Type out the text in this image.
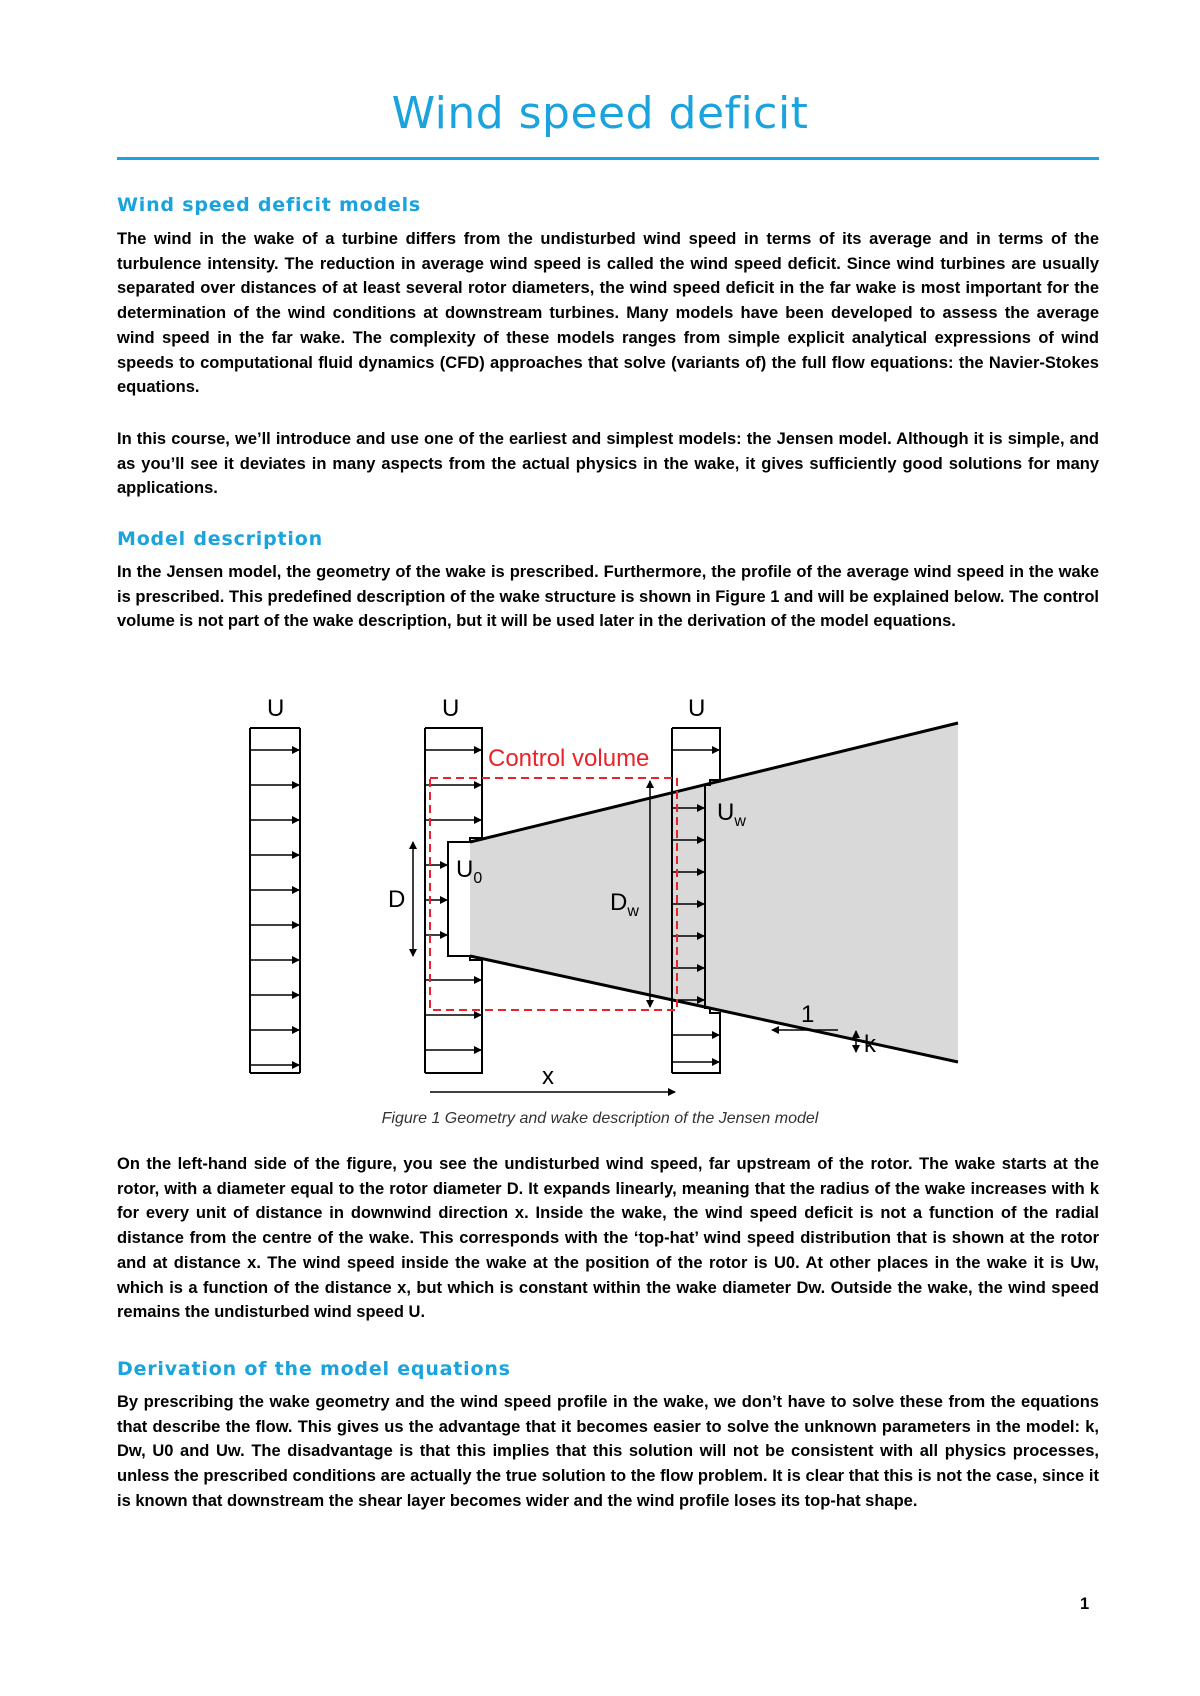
Wind speed deficit
Wind speed deficit models

The wind in the wake of a turbine differs from the undisturbed wind speed in terms of its average and in terms of the turbulence intensity. The reduction in average wind speed is called the wind speed deficit. Since wind turbines are usually separated over distances of at least several rotor diameters, the wind speed deficit in the far wake is most important for the determination of the wind conditions at downstream turbines. Many models have been developed to assess the average wind speed in the far wake. The complexity of these models ranges from simple explicit analytical expressions of wind speeds to computational fluid dynamics (CFD) approaches that solve (variants of) the full flow equations: the Navier-Stokes equations.

In this course, we’ll introduce and use one of the earliest and simplest models: the Jensen model. Although it is simple, and as you’ll see it deviates in many aspects from the actual physics in the wake, it gives sufficiently good solutions for many applications.

Model description

In the Jensen model, the geometry of the wake is prescribed. Furthermore, the profile of the average wind speed in the wake is prescribed. This predefined description of the wake structure is shown in Figure 1 and will be explained below. The control volume is not part of the wake description, but it will be used later in the derivation of the model equations.

U	U
$U_0$
D
U
$U_w$
$D_w$
Control volume
1
k
x
Figure 1 Geometry and wake description of the Jensen model

On the left-hand side of the figure, you see the undisturbed wind speed, far upstream of the rotor. The wake starts at the rotor, with a diameter equal to the rotor diameter D. It expands linearly, meaning that the radius of the wake increases with k for every unit of distance in downwind direction x. Inside the wake, the wind speed deficit is not a function of the radial distance from the centre of the wake. This corresponds with the ‘top-hat’ wind speed distribution that is shown at the rotor and at distance x. The wind speed inside the wake at the position of the rotor is U0. At other places in the wake it is Uw, which is a function of the distance x, but which is constant within the wake diameter Dw. Outside the wake, the wind speed remains the undisturbed wind speed U.

Derivation of the model equations

By prescribing the wake geometry and the wind speed profile in the wake, we don’t have to solve these from the equations that describe the flow. This gives us the advantage that it becomes easier to solve the unknown parameters in the model: k, Dw, U0 and Uw. The disadvantage is that this implies that this solution will not be consistent with all physics processes, unless the prescribed conditions are actually the true solution to the flow problem. It is clear that this is not the case, since it is known that downstream the shear layer becomes wider and the wind profile loses its top-hat shape.

1
